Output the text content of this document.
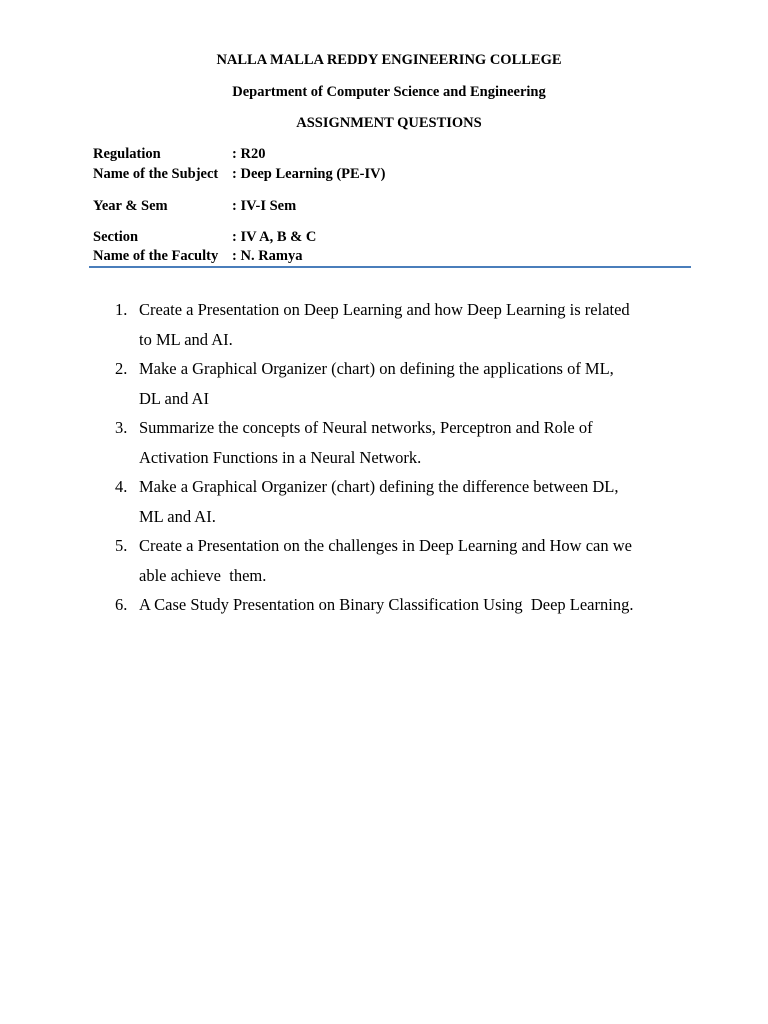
NALLA MALLA REDDY ENGINEERING COLLEGE
Department of Computer Science and Engineering
ASSIGNMENT QUESTIONS
Regulation	: R20
Name of the Subject : Deep Learning (PE-IV)
Year & Sem	: IV-I Sem
Section	: IV A, B & C
Name of the Faculty : N. Ramya
1. Create a Presentation on Deep Learning and how Deep Learning is related
to ML and AI.
2. Make a Graphical Organizer (chart) on defining the applications of ML,
DL and AI
3. Summarize the concepts of Neural networks, Perceptron and Role of
Activation Functions in a Neural Network.
4. Make a Graphical Organizer (chart) defining the difference between DL,
ML and AI.
5. Create a Presentation on the challenges in Deep Learning and How can we
able achieve  them.
6. A Case Study Presentation on Binary Classification Using  Deep Learning.
